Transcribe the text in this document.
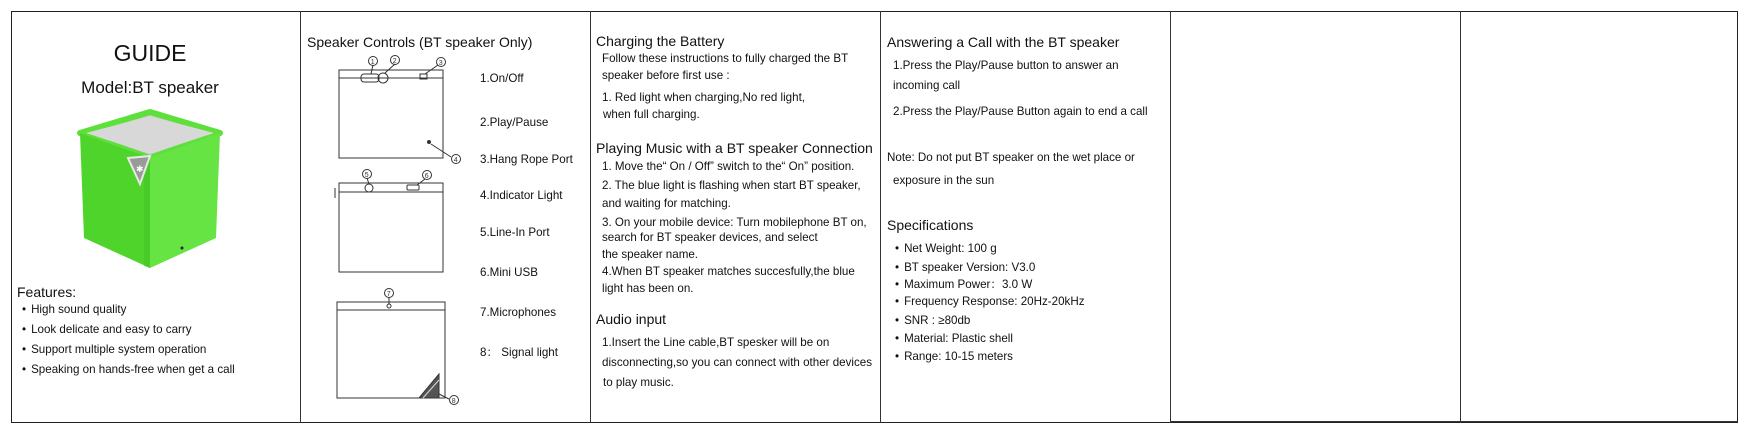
GUIDE
Model:BT speaker
✱
Features:
• High sound quality
• Look delicate and easy to carry
• Support multiple system operation
• Speaking on hands-free when get a call
Speaker Controls (BT speaker Only)
1	2	3
4
5	6
7
8
1.On/Off
2.Play/Pause
3.Hang Rope Port
4.Indicator Light
5.Line-In Port
6.Mini USB
7.Microphones
8： Signal light
Charging the Battery
Follow these instructions to fully charged the BT
speaker before first use :
1. Red light when charging,No red light,
when full charging.
Playing Music with a BT speaker Connection
1. Move the“ On / Off” switch to the“ On” position.
2. The blue light is flashing when start BT speaker,
and waiting for matching.
3. On your mobile device: Turn mobilephone BT on,
search for BT speaker devices, and select
the speaker name.
4.When BT speaker matches succesfully,the blue
light has been on.
Audio input
1.Insert the Line cable,BT spesker will be on
disconnecting,so you can connect with other devices
to play music.
Answering a Call with the BT speaker
1.Press the Play/Pause button to answer an
incoming call
2.Press the Play/Pause Button again to end a call
Note: Do not put BT speaker on the wet place or
exposure in the sun
Specifications
• Net Weight: 100 g
• BT speaker Version: V3.0
• Maximum Power：3.0 W
• Frequency Response: 20Hz-20kHz
• SNR : ≥80db
• Material: Plastic shell
• Range: 10-15 meters
